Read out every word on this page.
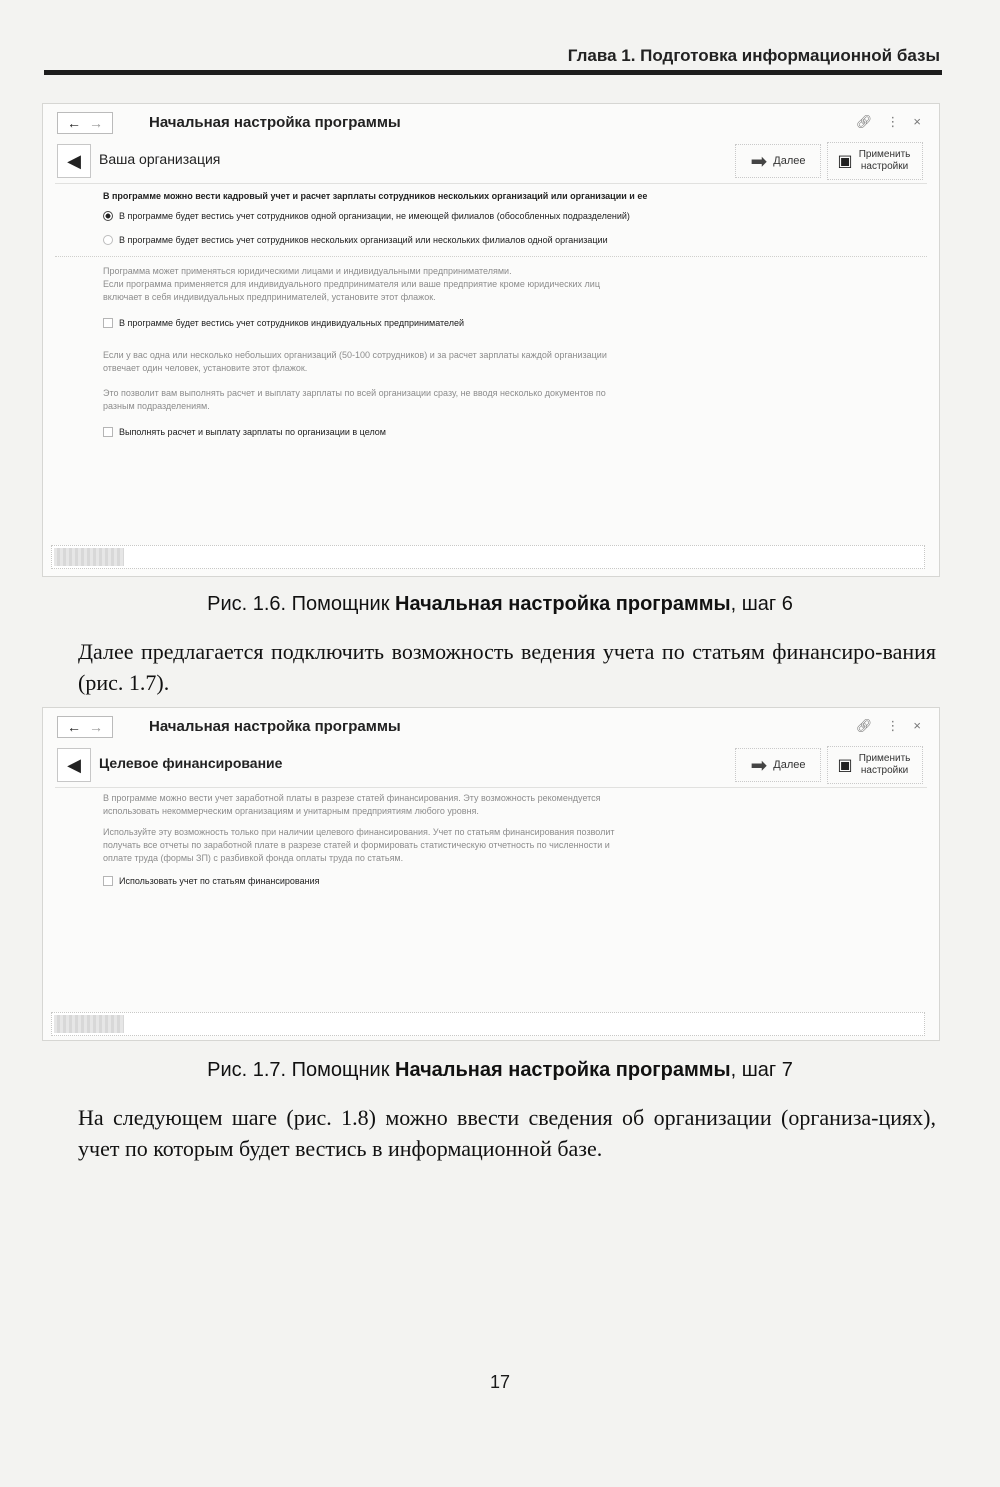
Глава 1. Подготовка информационной базы
← →	Начальная настройка программы	🔗︎ ⋮ ×
◀ Ваша организация	➡ Далее ▣ Применить настройки
В программе можно вести кадровый учет и расчет зарплаты сотрудников нескольких организаций или организации и ее
В программе будет вестись учет сотрудников одной организации, не имеющей филиалов (обособленных подразделений)
В программе будет вестись учет сотрудников нескольких организаций или нескольких филиалов одной организации
Программа может применяться юридическими лицами и индивидуальными предпринимателями.
Если программа применяется для индивидуального предпринимателя или ваше предприятие кроме юридических лиц
включает в себя индивидуальных предпринимателей, установите этот флажок.
В программе будет вестись учет сотрудников индивидуальных предпринимателей
Если у вас одна или несколько небольших организаций (50-100 сотрудников) и за расчет зарплаты каждой организации
отвечает один человек, установите этот флажок.
Это позволит вам выполнять расчет и выплату зарплаты по всей организации сразу, не вводя несколько документов по
разным подразделениям.
Выполнять расчет и выплату зарплаты по организации в целом
Рис. 1.6. Помощник Начальная настройка программы, шаг 6
Далее предлагается подключить возможность ведения учета по статьям финансиро-вания (рис. 1.7).
← →	Начальная настройка программы	🔗︎ ⋮ ×
◀ Целевое финансирование	➡ Далее ▣ Применить настройки
В программе можно вести учет заработной платы в разрезе статей финансирования. Эту возможность рекомендуется
использовать некоммерческим организациям и унитарным предприятиям любого уровня.
Используйте эту возможность только при наличии целевого финансирования. Учет по статьям финансирования позволит
получать все отчеты по заработной плате в разрезе статей и формировать статистическую отчетность по численности и
оплате труда (формы ЗП) с разбивкой фонда оплаты труда по статьям.
Использовать учет по статьям финансирования
Рис. 1.7. Помощник Начальная настройка программы, шаг 7
На следующем шаге (рис. 1.8) можно ввести сведения об организации (организа-циях), учет по которым будет вестись в информационной базе.
17
